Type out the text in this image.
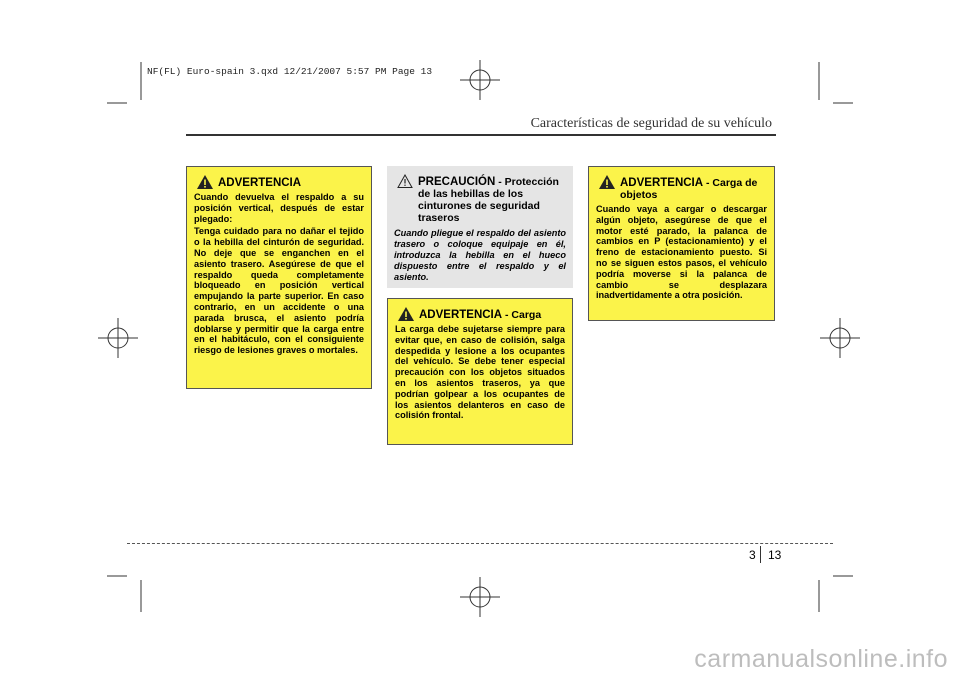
NF(FL) Euro-spain 3.qxd 12/21/2007 5:57 PM Page 13
Características de seguridad de su vehículo
ADVERTENCIA

Cuando devuelva el respaldo a su posición vertical, después de estar plegado:

Tenga cuidado para no dañar el tejido o la hebilla del cinturón de seguridad. No deje que se enganchen en el asiento trasero. Asegúrese de que el respaldo queda completamente bloqueado en posición vertical empujando la parte superior. En caso contrario, en un accidente o una parada brusca, el asiento podría doblarse y permitir que la carga entre en el habitáculo, con el consiguiente riesgo de lesiones graves o mortales.

PRECAUCIÓN - Protección de las hebillas de los cinturones de seguridad traseros

Cuando pliegue el respaldo del asiento trasero o coloque equipaje en él, introduzca la hebilla en el hueco dispuesto entre el respaldo y el asiento.

ADVERTENCIA - Carga

La carga debe sujetarse siempre para evitar que, en caso de colisión, salga despedida y lesione a los ocupantes del vehículo. Se debe tener especial precaución con los objetos situados en los asientos traseros, ya que podrían golpear a los ocupantes de los asientos delanteros en caso de colisión frontal.

ADVERTENCIA - Carga de objetos

Cuando vaya a cargar o descargar algún objeto, asegúrese de que el motor esté parado, la palanca de cambios en P (estacionamiento) y el freno de estacionamiento puesto. Si no se siguen estos pasos, el vehículo podría moverse si la palanca de cambio se desplazara inadvertidamente a otra posición.

3 13
carmanualsonline.info
